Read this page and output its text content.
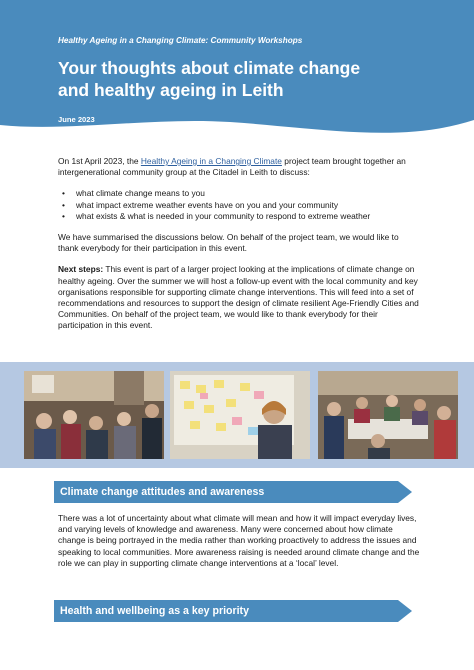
Healthy Ageing in a Changing Climate: Community Workshops
Your thoughts about climate change
and healthy ageing in Leith
June 2023

On 1st April 2023, the Healthy Ageing in a Changing Climate project team brought together an intergenerational community group at the Citadel in Leith to discuss:

• what climate change means to you
• what impact extreme weather events have on you and your community
• what exists & what is needed in your community to respond to extreme weather

We have summarised the discussions below. On behalf of the project team, we would like to thank everybody for their participation in this event.

Next steps: This event is part of a larger project looking at the implications of climate change on healthy ageing. Over the summer we will host a follow-up event with the local community and key organisations responsible for supporting climate change interventions. This will feed into a set of recommendations and resources to support the design of climate resilient Age-Friendly Cities and Communities. On behalf of the project team, we would like to thank everybody for their participation in this event.

Climate change attitudes and awareness

There was a lot of uncertainty about what climate will mean and how it will impact everyday lives, and varying levels of knowledge and awareness. Many were concerned about how climate change is being portrayed in the media rather than working proactively to address the issues and speaking to local communities. More awareness raising is needed around climate change and the role we can play in supporting climate change interventions at a ‘local’ level.

Health and wellbeing as a key priority
